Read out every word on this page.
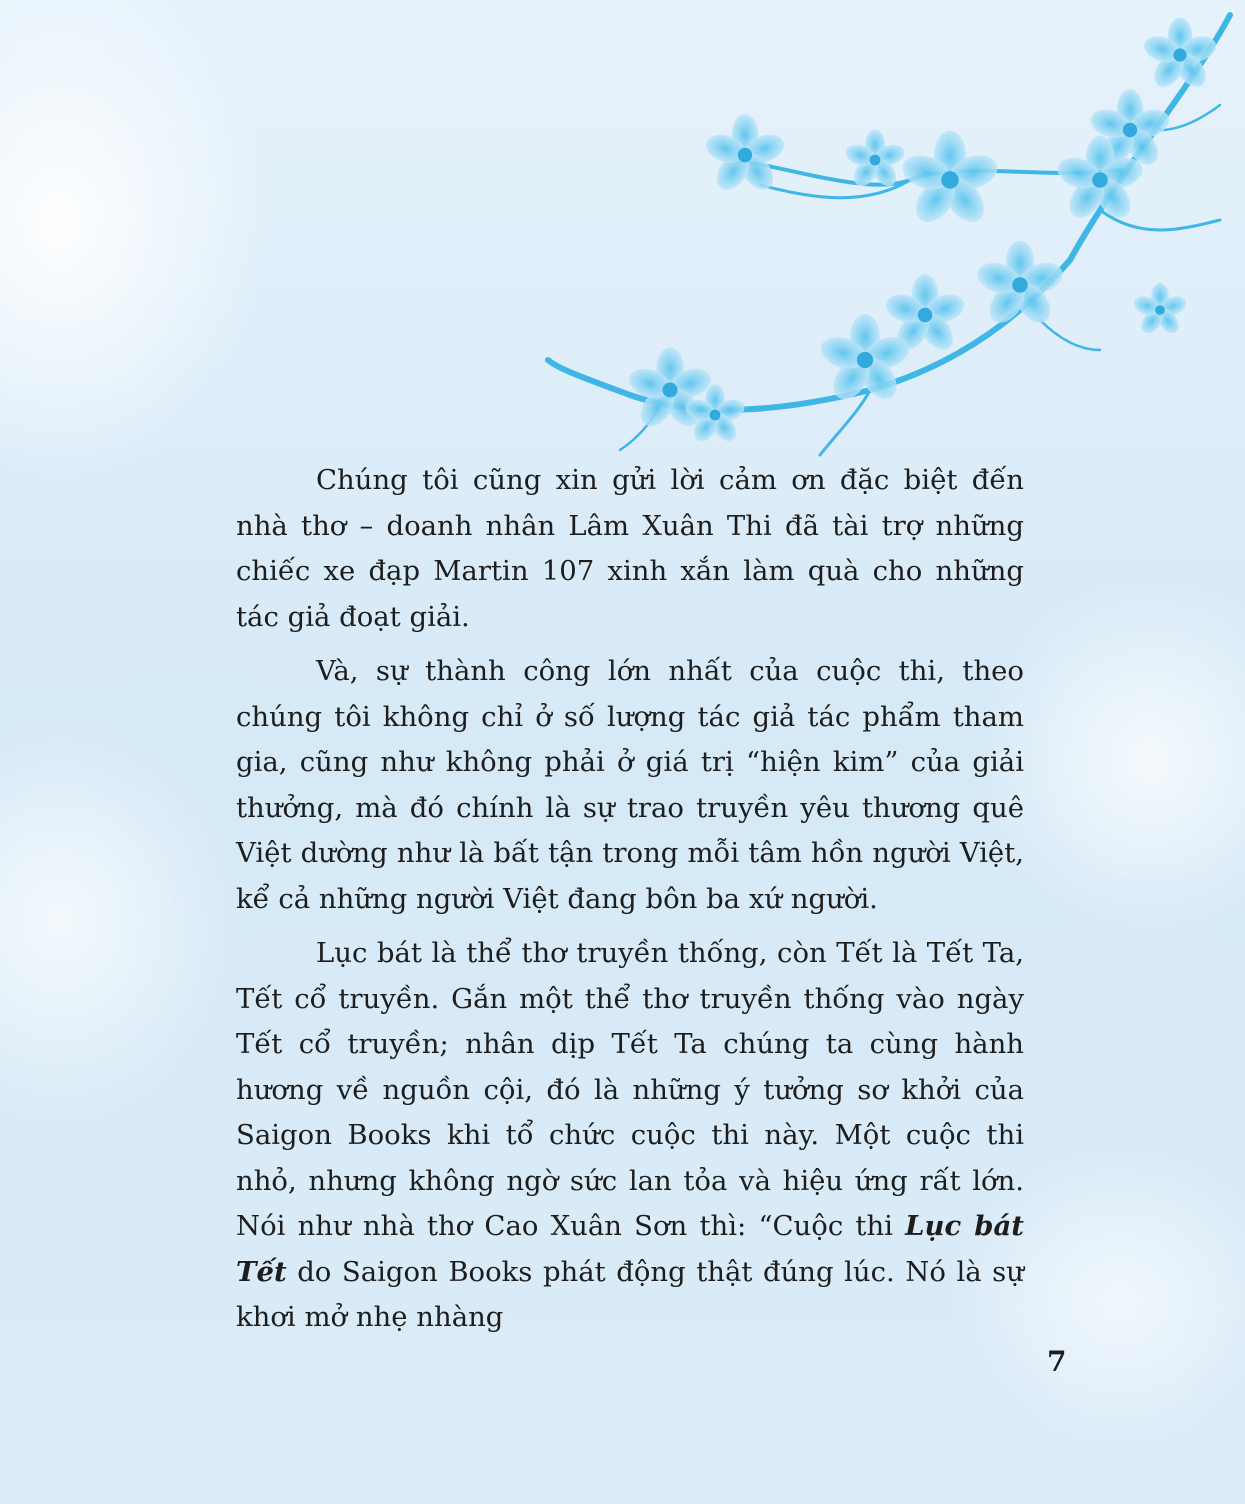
Chúng tôi cũng xin gửi lời cảm ơn đặc biệt đến nhà thơ – doanh nhân Lâm Xuân Thi đã tài trợ những chiếc xe đạp Martin 107 xinh xắn làm quà cho những tác giả đoạt giải.

Và, sự thành công lớn nhất của cuộc thi, theo chúng tôi không chỉ ở số lượng tác giả tác phẩm tham gia, cũng như không phải ở giá trị “hiện kim” của giải thưởng, mà đó chính là sự trao truyền yêu thương quê Việt dường như là bất tận trong mỗi tâm hồn người Việt, kể cả những người Việt đang bôn ba xứ người.

Lục bát là thể thơ truyền thống, còn Tết là Tết Ta, Tết cổ truyền. Gắn một thể thơ truyền thống vào ngày Tết cổ truyền; nhân dịp Tết Ta chúng ta cùng hành hương về nguồn cội, đó là những ý tưởng sơ khởi của Saigon Books khi tổ chức cuộc thi này. Một cuộc thi nhỏ, nhưng không ngờ sức lan tỏa và hiệu ứng rất lớn. Nói như nhà thơ Cao Xuân Sơn thì: “Cuộc thi Lục bát Tết do Saigon Books phát động thật đúng lúc. Nó là sự khơi mở nhẹ nhàng

7
